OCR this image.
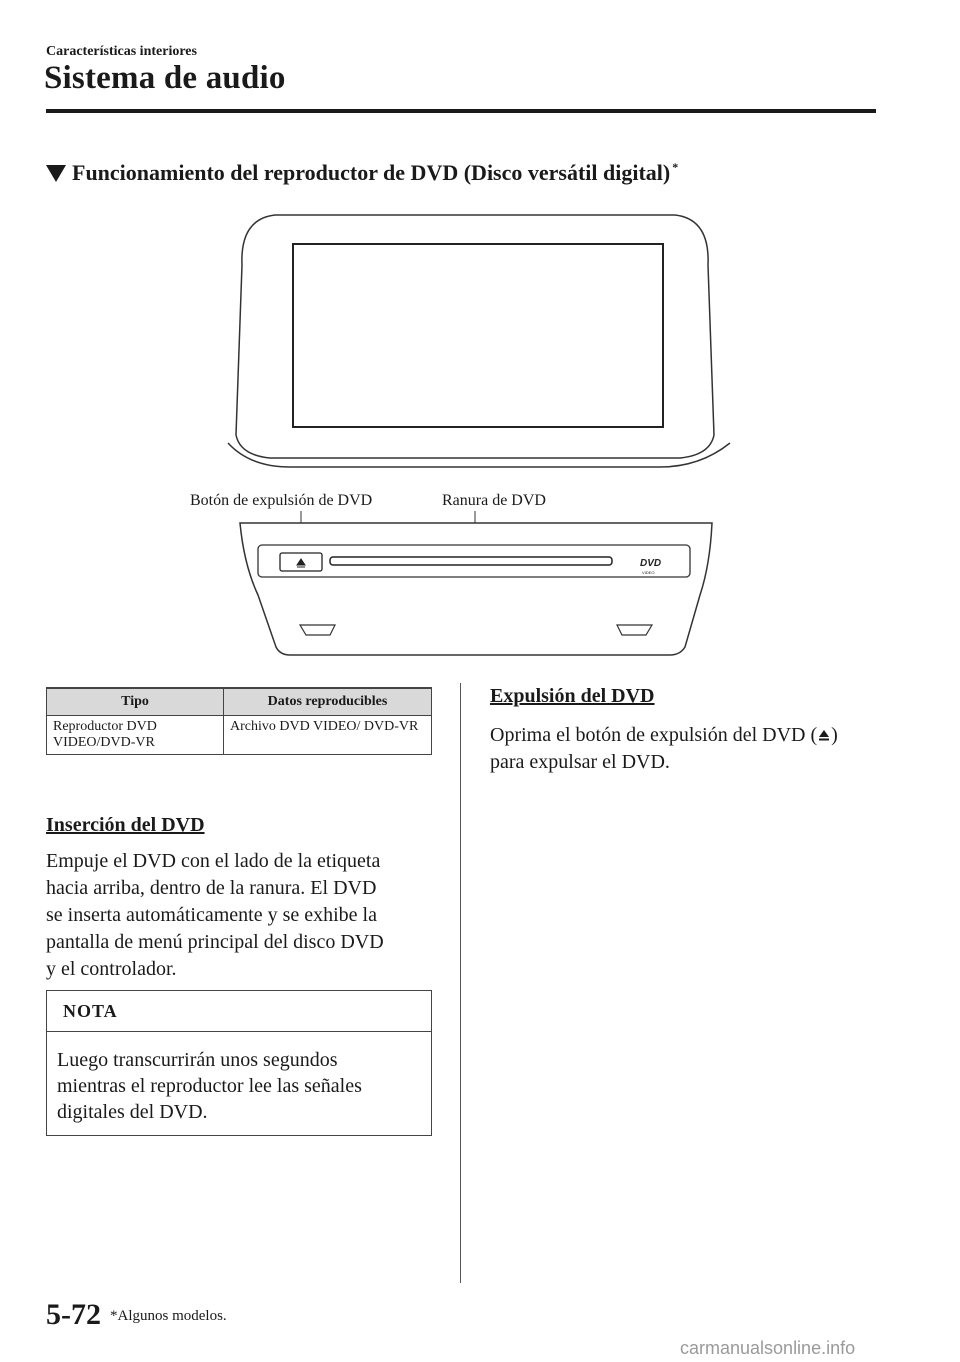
Características interiores
Sistema de audio
Funcionamiento del reproductor de DVD (Disco versátil digital)*
Botón de expulsión de DVD	Ranura de DVD
DVD
VIDEO
Tipo	Datos reproducibles
Reproductor DVD VIDEO/DVD-VR	Archivo DVD VIDEO/ DVD-VR
Inserción del DVD
Empuje el DVD con el lado de la etiqueta
hacia arriba, dentro de la ranura. El DVD
se inserta automáticamente y se exhibe la
pantalla de menú principal del disco DVD
y el controlador.
NOTA
Luego transcurrirán unos segundos
mientras el reproductor lee las señales
digitales del DVD.
Expulsión del DVD
Oprima el botón de expulsión del DVD ( )
para expulsar el DVD.
5-72 *Algunos modelos.
carmanualsonline.info
